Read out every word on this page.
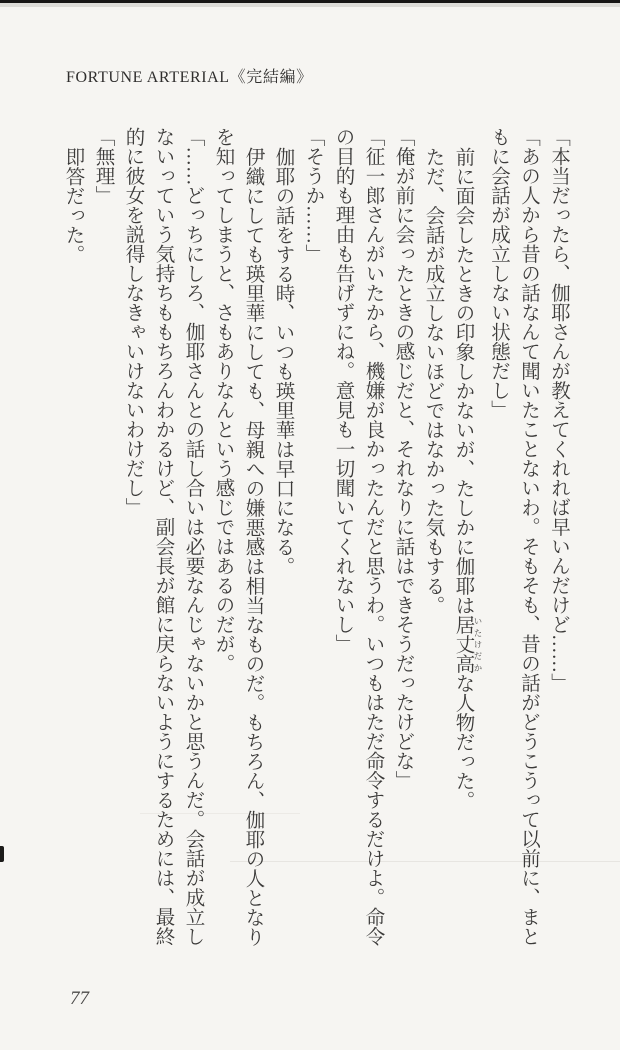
FORTUNE ARTERIAL《完結編》

「本当だったら、伽耶さんが教えてくれれば早いんだけど……」

「あの人から昔の話なんて聞いたことないわ。そもそも、昔の話がどうこうって以前に、まともに会話が成立しない状態だし」

前に面会したときの印象しかないが、たしかに伽耶は居丈高 いたけだかな人物だった。

ただ、会話が成立しないほどではなかった気もする。

「俺が前に会ったときの感じだと、それなりに話はできそうだったけどな」

「征一郎さんがいたから、機嫌が良かったんだと思うわ。いつもはただ命令するだけよ。命令の目的も理由も告げずにね。意見も一切聞いてくれないし」

「そうか……」

伽耶の話をする時、いつも瑛里華は早口になる。

伊織にしても瑛里華にしても、母親への嫌悪感は相当なものだ。もちろん、伽耶の人となりを知ってしまうと、さもありなんという感じではあるのだが。

「……どっちにしろ、伽耶さんとの話し合いは必要なんじゃないかと思うんだ。会話が成立しないっていう気持ちももちろんわかるけど、副会長が館に戻らないようにするためには、最終的に彼女を説得しなきゃいけないわけだし」

「無理」

即答だった。

77
